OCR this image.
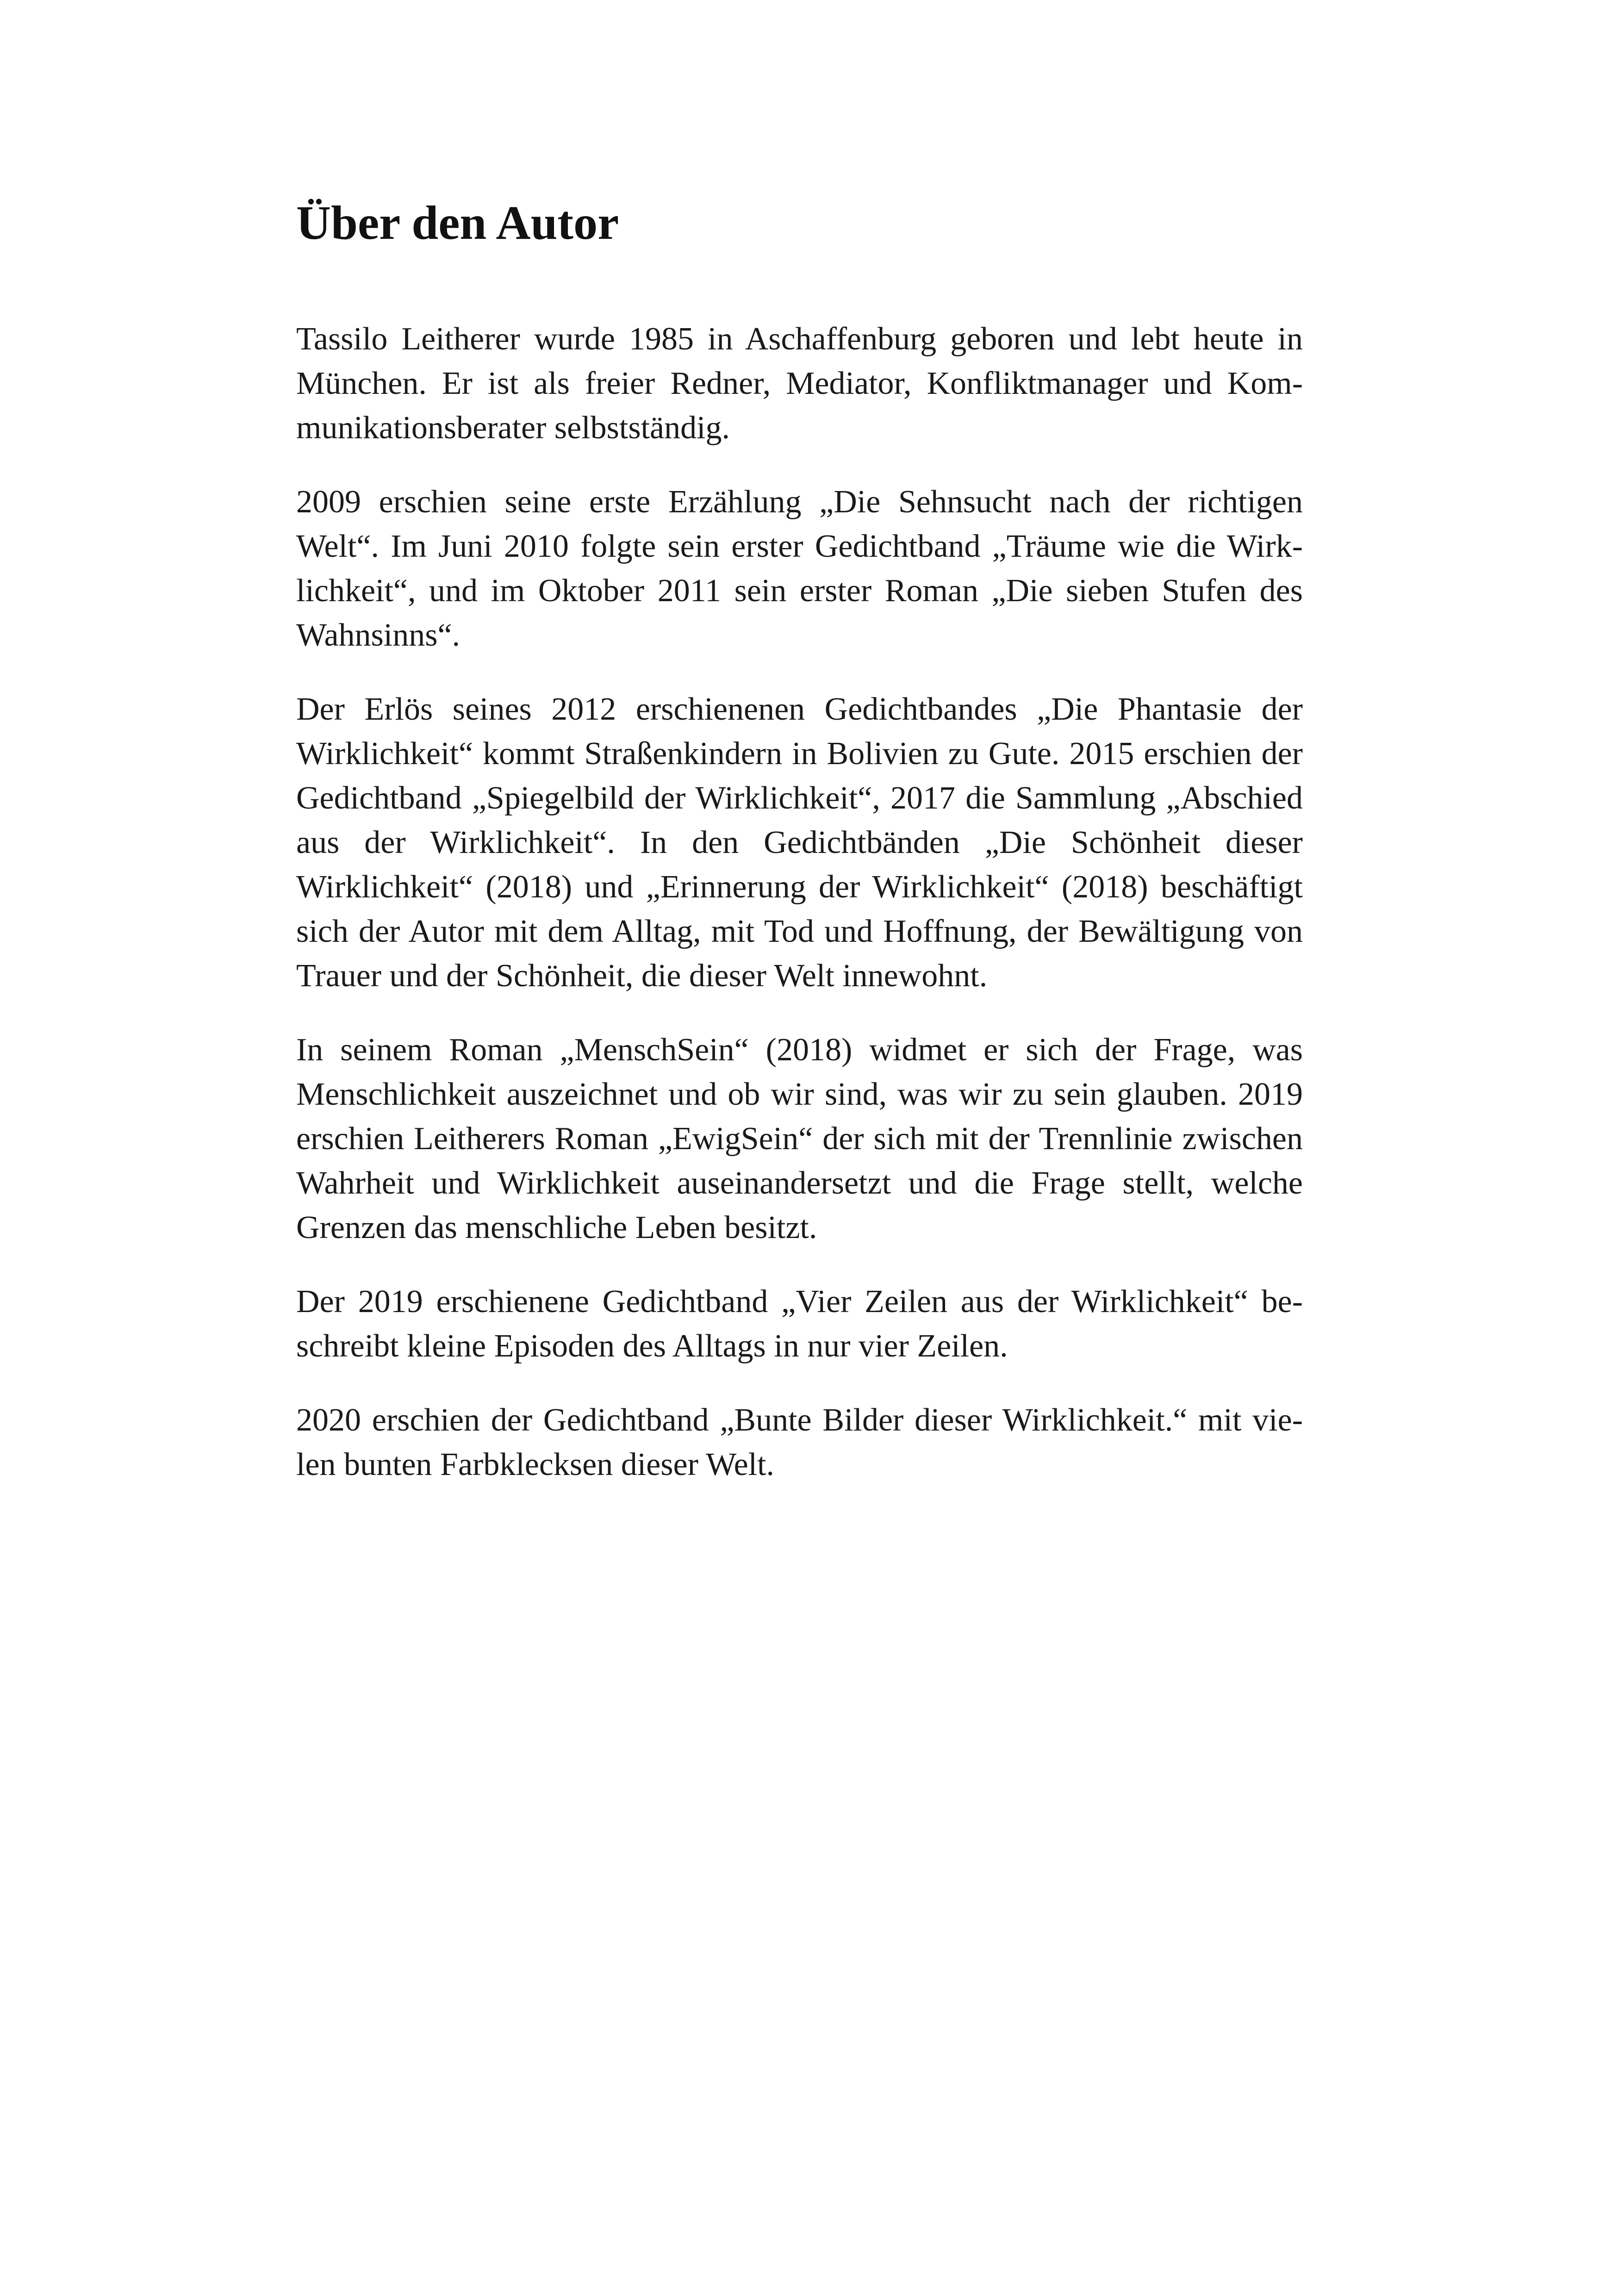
Über den Autor

Tassilo Leitherer wurde 1985 in Aschaffenburg geboren und lebt heute in München. Er ist als freier Redner, Mediator, Konfliktmanager und Kommunikationsberater selbstständig.

2009 erschien seine erste Erzählung „Die Sehnsucht nach der richtigen Welt“. Im Juni 2010 folgte sein erster Gedichtband „Träume wie die Wirklichkeit“, und im Oktober 2011 sein erster Roman „Die sieben Stufen des Wahnsinns“.

Der Erlös seines 2012 erschienenen Gedichtbandes „Die Phantasie der Wirklichkeit“ kommt Straßenkindern in Bolivien zu Gute. 2015 erschien der Gedichtband „Spiegelbild der Wirklichkeit“, 2017 die Sammlung „Abschied aus der Wirklichkeit“. In den Gedichtbänden „Die Schönheit dieser Wirklichkeit“ (2018) und „Erinnerung der Wirklichkeit“ (2018) beschäftigt sich der Autor mit dem Alltag, mit Tod und Hoffnung, der Bewältigung von Trauer und der Schönheit, die dieser Welt innewohnt.

In seinem Roman „MenschSein“ (2018) widmet er sich der Frage, was Menschlichkeit auszeichnet und ob wir sind, was wir zu sein glauben. 2019 erschien Leitherers Roman „EwigSein“ der sich mit der Trennlinie zwischen Wahrheit und Wirklichkeit auseinandersetzt und die Frage stellt, welche Grenzen das menschliche Leben besitzt.

Der 2019 erschienene Gedichtband „Vier Zeilen aus der Wirklichkeit“ beschreibt kleine Episoden des Alltags in nur vier Zeilen.

2020 erschien der Gedichtband „Bunte Bilder dieser Wirklichkeit.“ mit vielen bunten Farbklecksen dieser Welt.
